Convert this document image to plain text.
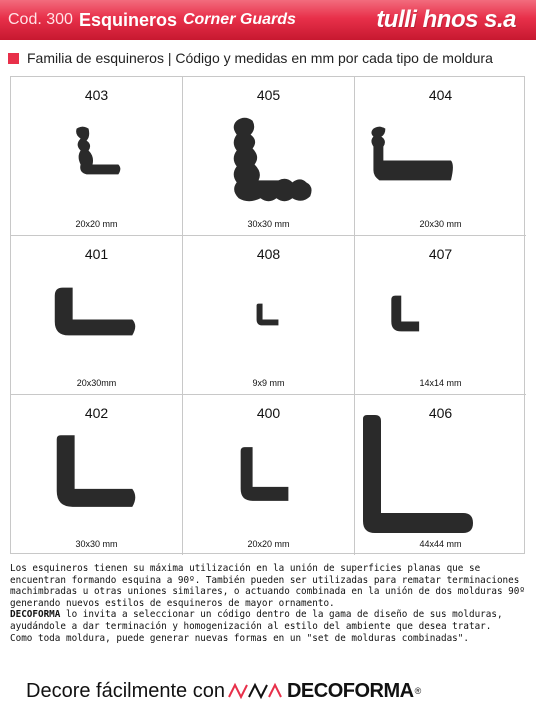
Cod. 300 Esquineros Corner Guards	tulli hnos s.a
Familia de esquineros | Código y medidas en mm por cada tipo de moldura
403
20x20 mm
405
30x30 mm
404
20x30 mm
401
20x30mm
408
9x9 mm
407
14x14 mm
402
30x30 mm
400
20x20 mm
406
44x44 mm

Los esquineros tienen su máxima utilización en la unión de superficies planas que se encuentran formando esquina a 90º. También pueden ser utilizadas para rematar terminaciones machimbradas u otras uniones similares, o actuando combinada en la unión de dos molduras 90º generando nuevos estilos de esquineros de mayor ornamento.

DECOFORMA lo invita a seleccionar un código dentro de la gama de diseño de sus molduras, ayudándole a dar terminación y homogenización al estilo del ambiente que desea tratar.

Como toda moldura, puede generar nuevas formas en un "set de molduras combinadas".

Decore fácilmente con	DECOFORMA ®
